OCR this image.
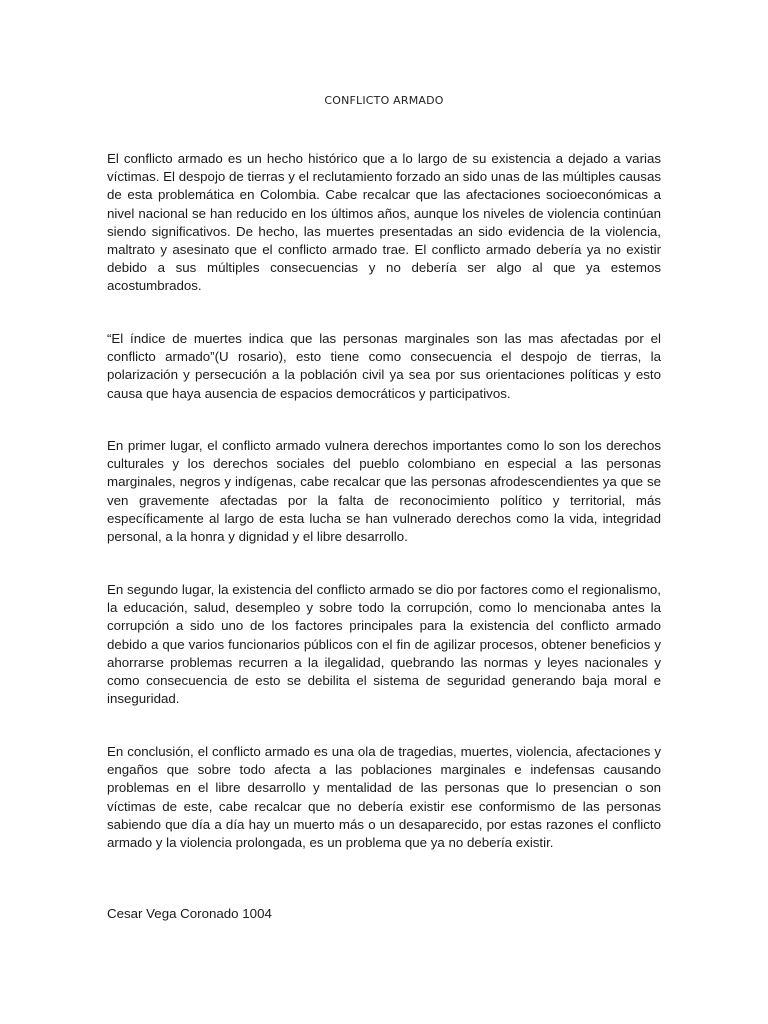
CONFLICTO ARMADO

El conflicto armado es un hecho histórico que a lo largo de su existencia a dejado a varias víctimas. El despojo de tierras y el reclutamiento forzado an sido unas de las múltiples causas de esta problemática en Colombia. Cabe recalcar que las afectaciones socioeconómicas a nivel nacional se han reducido en los últimos años, aunque los niveles de violencia continúan siendo significativos. De hecho, las muertes presentadas an sido evidencia de la violencia, maltrato y asesinato que el conflicto armado trae. El conflicto armado debería ya no existir debido a sus múltiples consecuencias y no debería ser algo al que ya estemos acostumbrados.

“El índice de muertes indica que las personas marginales son las mas afectadas por el conflicto armado”(U rosario), esto tiene como consecuencia el despojo de tierras, la polarización y persecución a la población civil ya sea por sus orientaciones políticas y esto causa que haya ausencia de espacios democráticos y participativos.

En primer lugar, el conflicto armado vulnera derechos importantes como lo son los derechos culturales y los derechos sociales del pueblo colombiano en especial a las personas marginales, negros y indígenas, cabe recalcar que las personas afrodescendientes ya que se ven gravemente afectadas por la falta de reconocimiento político y territorial, más específicamente al largo de esta lucha se han vulnerado derechos como la vida, integridad personal, a la honra y dignidad y el libre desarrollo.

En segundo lugar, la existencia del conflicto armado se dio por factores como el regionalismo, la educación, salud, desempleo y sobre todo la corrupción, como lo mencionaba antes la corrupción a sido uno de los factores principales para la existencia del conflicto armado debido a que varios funcionarios públicos con el fin de agilizar procesos, obtener beneficios y ahorrarse problemas recurren a la ilegalidad, quebrando las normas y leyes nacionales y como consecuencia de esto se debilita el sistema de seguridad generando baja moral e inseguridad.

En conclusión, el conflicto armado es una ola de tragedias, muertes, violencia, afectaciones y engaños que sobre todo afecta a las poblaciones marginales e indefensas causando problemas en el libre desarrollo y mentalidad de las personas que lo presencian o son víctimas de este, cabe recalcar que no debería existir ese conformismo de las personas sabiendo que día a día hay un muerto más o un desaparecido, por estas razones el conflicto armado y la violencia prolongada, es un problema que ya no debería existir.

Cesar Vega Coronado 1004
